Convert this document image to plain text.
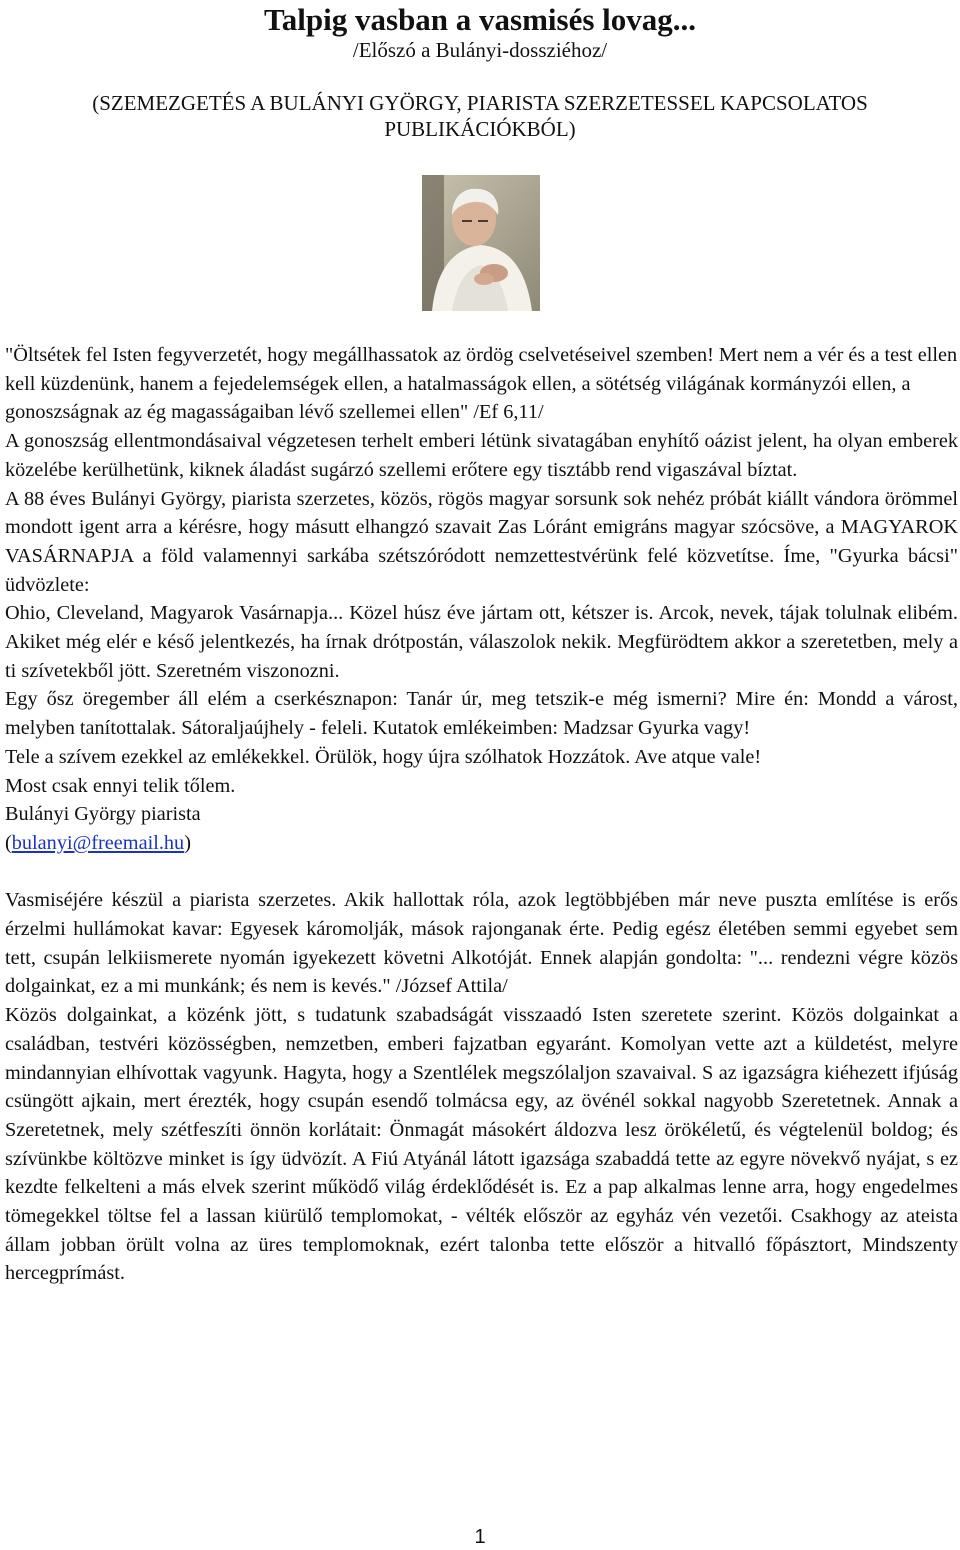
Talpig vasban a vasmisés lovag...
/Előszó a Bulányi-dossziéhoz/
(SZEMEZGETÉS A BULÁNYI GYÖRGY, PIARISTA SZERZETESSEL KAPCSOLATOS PUBLIKÁCIÓKBÓL)

"Öltsétek fel Isten fegyverzetét, hogy megállhassatok az ördög cselvetéseivel szemben! Mert nem a vér és a test ellen kell küzdenünk, hanem a fejedelemségek ellen, a hatalmasságok ellen, a sötétség világának kormányzói ellen, a gonoszságnak az ég magasságaiban lévő szellemei ellen" /Ef 6,11/

A gonoszság ellentmondásaival végzetesen terhelt emberi létünk sivatagában enyhítő oázist jelent, ha olyan emberek közelébe kerülhetünk, kiknek áladást sugárzó szellemi erőtere egy tisztább rend vigaszával bíztat.

A 88 éves Bulányi György, piarista szerzetes, közös, rögös magyar sorsunk sok nehéz próbát kiállt vándora örömmel mondott igent arra a kérésre, hogy másutt elhangzó szavait Zas Lóránt emigráns magyar szócsöve, a MAGYAROK VASÁRNAPJA a föld valamennyi sarkába szétszóródott nemzettestvérünk felé közvetítse. Íme, "Gyurka bácsi" üdvözlete:

Ohio, Cleveland, Magyarok Vasárnapja... Közel húsz éve jártam ott, kétszer is. Arcok, nevek, tájak tolulnak elibém. Akiket még elér e késő jelentkezés, ha írnak drótpostán, válaszolok nekik. Megfürödtem akkor a szeretetben, mely a ti szívetekből jött. Szeretném viszonozni.

Egy ősz öregember áll elém a cserkésznapon: Tanár úr, meg tetszik-e még ismerni? Mire én: Mondd a várost, melyben tanítottalak. Sátoraljaújhely - feleli. Kutatok emlékeimben: Madzsar Gyurka vagy!

Tele a szívem ezekkel az emlékekkel. Örülök, hogy újra szólhatok Hozzátok. Ave atque vale!

Most csak ennyi telik tőlem.

Bulányi György piarista

(bulanyi@freemail.hu)

Vasmiséjére készül a piarista szerzetes. Akik hallottak róla, azok legtöbbjében már neve puszta említése is erős érzelmi hullámokat kavar: Egyesek káromolják, mások rajonganak érte. Pedig egész életében semmi egyebet sem tett, csupán lelkiismerete nyomán igyekezett követni Alkotóját. Ennek alapján gondolta: "... rendezni végre közös dolgainkat, ez a mi munkánk; és nem is kevés." /József Attila/

Közös dolgainkat, a közénk jött, s tudatunk szabadságát visszaadó Isten szeretete szerint. Közös dolgainkat a családban, testvéri közösségben, nemzetben, emberi fajzatban egyaránt. Komolyan vette azt a küldetést, melyre mindannyian elhívottak vagyunk. Hagyta, hogy a Szentlélek megszólaljon szavaival. S az igazságra kiéhezett ifjúság csüngött ajkain, mert érezték, hogy csupán esendő tolmácsa egy, az övénél sokkal nagyobb Szeretetnek. Annak a Szeretetnek, mely szétfeszíti önnön korlátait: Önmagát másokért áldozva lesz örökéletű, és végtelenül boldog; és szívünkbe költözve minket is így üdvözít. A Fiú Atyánál látott igazsága szabaddá tette az egyre növekvő nyájat, s ez kezdte felkelteni a más elvek szerint működő világ érdeklődését is. Ez a pap alkalmas lenne arra, hogy engedelmes tömegekkel töltse fel a lassan kiürülő templomokat, - vélték először az egyház vén vezetői. Csakhogy az ateista állam jobban örült volna az üres templomoknak, ezért talonba tette először a hitvalló főpásztort, Mindszenty hercegprímást.

1
